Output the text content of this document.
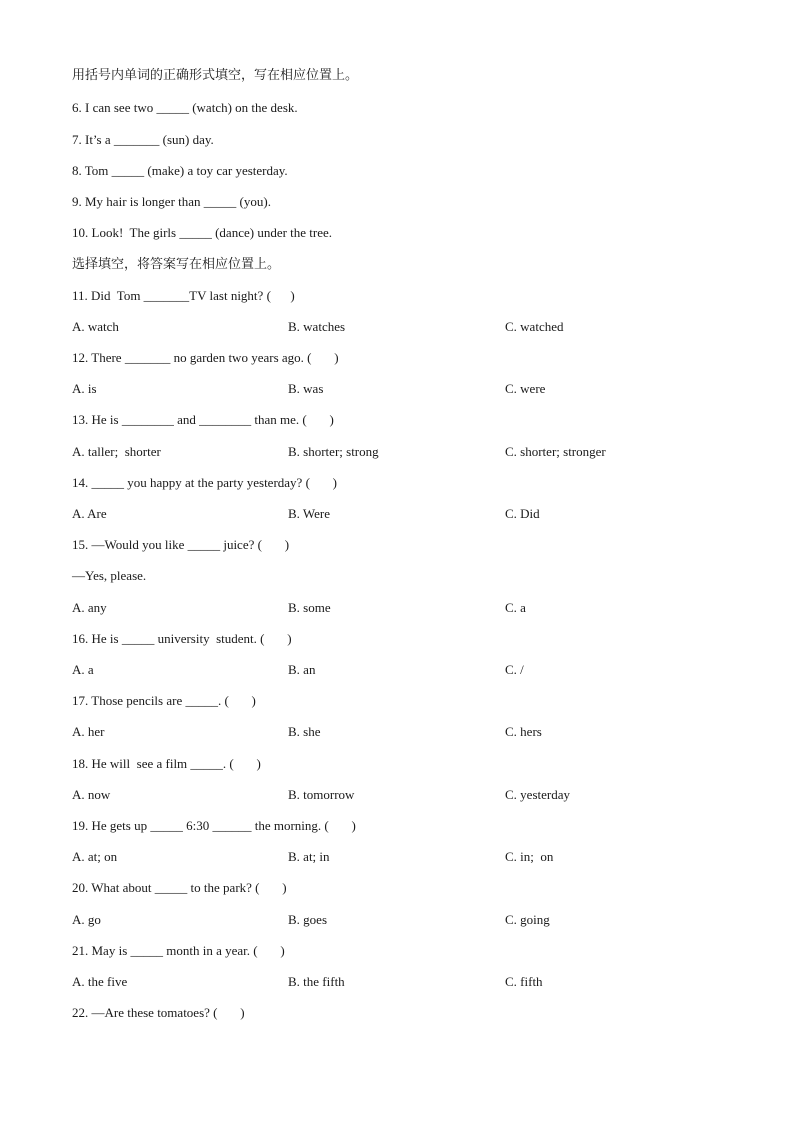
用括号内单词的正确形式填空，写在相应位置上。
6. I can see two _____ (watch) on the desk.
7. It’s a _______ (sun) day.
8. Tom _____ (make) a toy car yesterday.
9. My hair is longer than _____ (you).
10. Look!  The girls _____ (dance) under the tree.
选择填空，将答案写在相应位置上。
11. Did  Tom _______TV last night? (      )
A. watch	B. watches	C. watched
12. There _______ no garden two years ago. (       )
A. is	B. was	C. were
13. He is ________ and ________ than me. (       )
A. taller;  shorter	B. shorter; strong	C. shorter; stronger
14. _____ you happy at the party yesterday? (       )
A. Are	B. Were	C. Did
15. —Would you like _____ juice? (       )
—Yes, please.
A. any	B. some	C. a
16. He is _____ university  student. (       )
A. a	B. an	C. /
17. Those pencils are _____. (       )
A. her	B. she	C. hers
18. He will  see a film _____. (       )
A. now	B. tomorrow	C. yesterday
19. He gets up _____ 6:30 ______ the morning. (       )
A. at; on	B. at; in	C. in;  on
20. What about _____ to the park? (       )
A. go	B. goes	C. going
21. May is _____ month in a year. (       )
A. the five	B. the fifth	C. fifth
22. —Are these tomatoes? (       )
